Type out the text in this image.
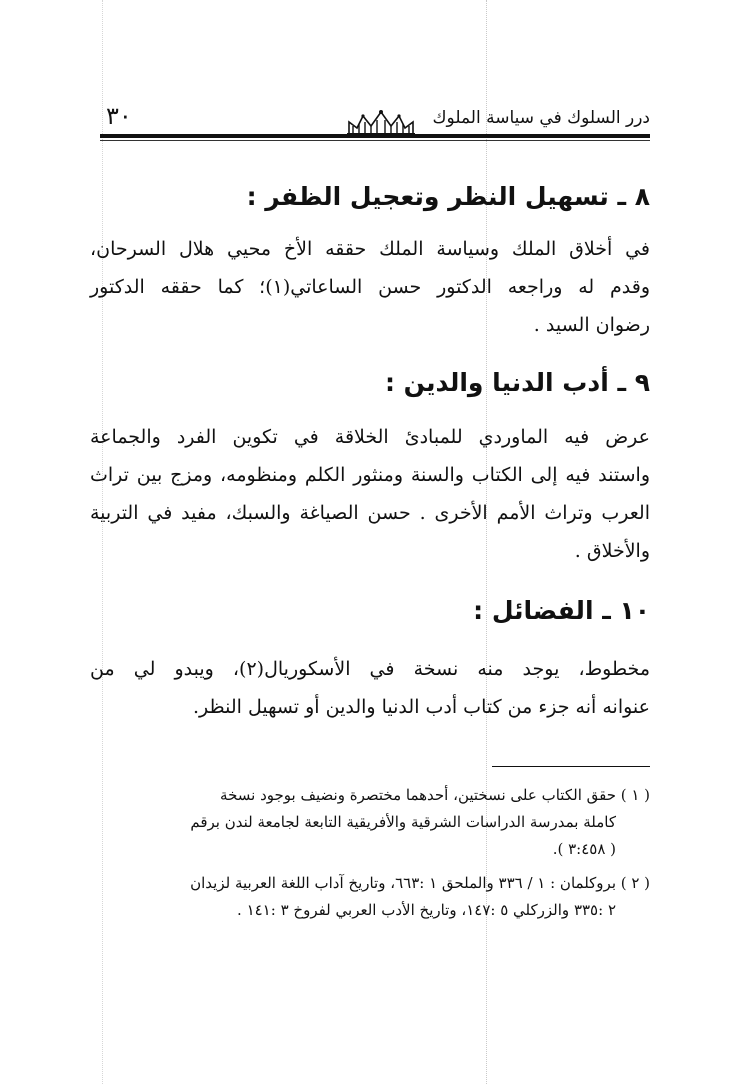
درر السلوك في سياسة الملوك
٣٠
٨ ـ تسهيل النظر وتعجيل الظفر :
في أخلاق الملك وسياسة الملك حققه الأخ محيي هلال السرحان،
وقدم له وراجعه الدكتور حسن الساعاتي(١)؛ كما حققه الدكتور
رضوان السيد .
٩ ـ أدب الدنيا والدين :
عرض فيه الماوردي للمبادئ الخلاقة في تكوين الفرد والجماعة
واستند فيه إلى الكتاب والسنة ومنثور الكلم ومنظومه، ومزج بين تراث
العرب وتراث الأمم الأخرى . حسن الصياغة والسبك، مفيد في التربية
والأخلاق .
١٠ ـ الفضائل :
مخطوط، يوجد منه نسخة في الأسكوريال(٢)، ويبدو لي من
عنوانه أنه جزء من كتاب أدب الدنيا والدين أو تسهيل النظر.
( ١ )حقق الكتاب على نسختين، أحدهما مختصرة ونضيف بوجود نسخة
كاملة بمدرسة الدراسات الشرقية والأفريقية التابعة لجامعة لندن برقم
( ٣:٤٥٨ ).
( ٢ )بروكلمان : ١ / ٣٣٦ والملحق ١ :٦٦٣، وتاريخ آداب اللغة العربية لزيدان
٢ :٣٣٥ والزركلي ٥ :١٤٧، وتاريخ الأدب العربي لفروخ ٣ :١٤١ .
